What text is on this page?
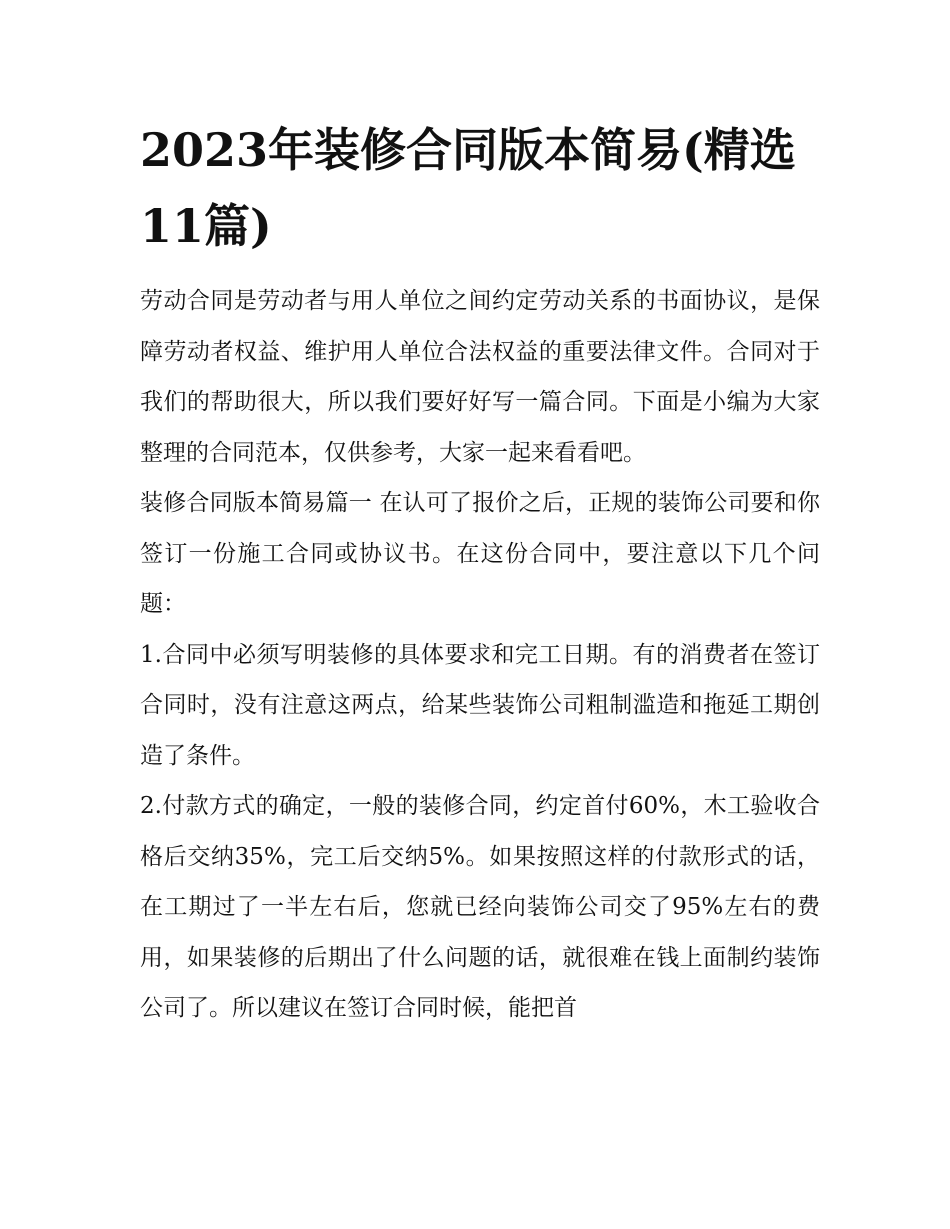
2023年装修合同版本简易(精选11篇)

劳动合同是劳动者与用人单位之间约定劳动关系的书面协议，是保障劳动者权益、维护用人单位合法权益的重要法律文件。合同对于我们的帮助很大，所以我们要好好写一篇合同。下面是小编为大家整理的合同范本，仅供参考，大家一起来看看吧。

装修合同版本简易篇一 在认可了报价之后，正规的装饰公司要和你签订一份施工合同或协议书。在这份合同中，要注意以下几个问题：

1.合同中必须写明装修的具体要求和完工日期。有的消费者在签订合同时，没有注意这两点，给某些装饰公司粗制滥造和拖延工期创造了条件。

2.付款方式的确定，一般的装修合同，约定首付60%，木工验收合格后交纳35%，完工后交纳5%。如果按照这样的付款形式的话，在工期过了一半左右后，您就已经向装饰公司交了95%左右的费用，如果装修的后期出了什么问题的话，就很难在钱上面制约装饰公司了。所以建议在签订合同时候，能把首
